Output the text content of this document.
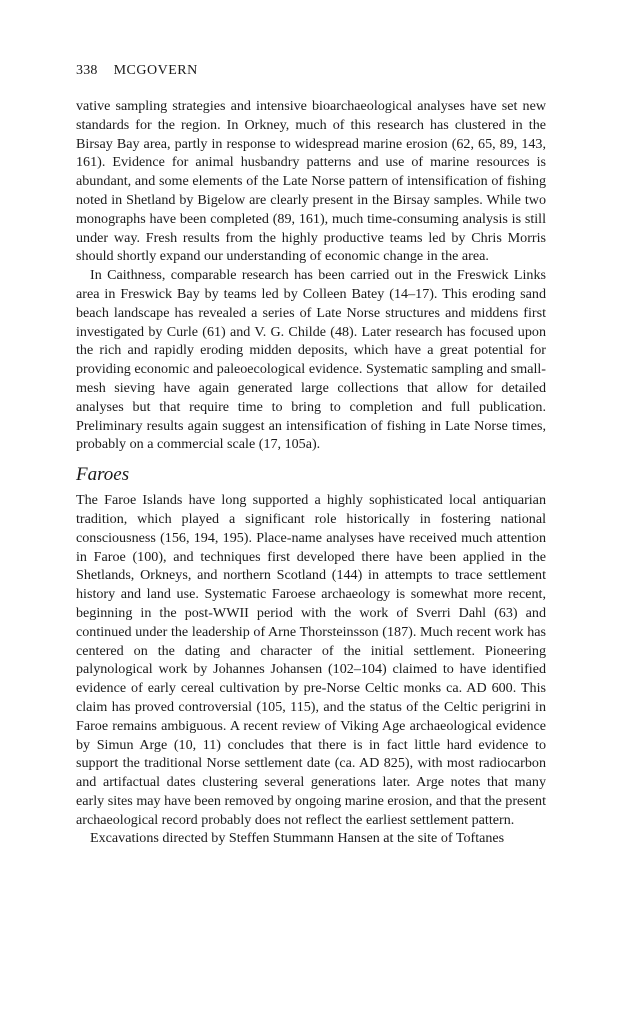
338 MCGOVERN

vative sampling strategies and intensive bioarchaeological analyses have set new standards for the region. In Orkney, much of this research has clustered in the Birsay Bay area, partly in response to widespread marine erosion (62, 65, 89, 143, 161). Evidence for animal husbandry patterns and use of marine resources is abundant, and some elements of the Late Norse pattern of intensification of fishing noted in Shetland by Bigelow are clearly present in the Birsay samples. While two monographs have been completed (89, 161), much time-consuming analysis is still under way. Fresh results from the highly productive teams led by Chris Morris should shortly expand our understanding of economic change in the area.

In Caithness, comparable research has been carried out in the Freswick Links area in Freswick Bay by teams led by Colleen Batey (14–17). This eroding sand beach landscape has revealed a series of Late Norse structures and middens first investigated by Curle (61) and V. G. Childe (48). Later research has focused upon the rich and rapidly eroding midden deposits, which have a great potential for providing economic and paleoecological evidence. Systematic sampling and small-mesh sieving have again generated large collections that allow for detailed analyses but that require time to bring to completion and full publication. Preliminary results again suggest an intensification of fishing in Late Norse times, probably on a commercial scale (17, 105a).

Faroes

The Faroe Islands have long supported a highly sophisticated local antiquarian tradition, which played a significant role historically in fostering national consciousness (156, 194, 195). Place-name analyses have received much attention in Faroe (100), and techniques first developed there have been applied in the Shetlands, Orkneys, and northern Scotland (144) in attempts to trace settlement history and land use. Systematic Faroese archaeology is somewhat more recent, beginning in the post-WWII period with the work of Sverri Dahl (63) and continued under the leadership of Arne Thorsteinsson (187). Much recent work has centered on the dating and character of the initial settlement. Pioneering palynological work by Johannes Johansen (102–104) claimed to have identified evidence of early cereal cultivation by pre-Norse Celtic monks ca. AD 600. This claim has proved controversial (105, 115), and the status of the Celtic perigrini in Faroe remains ambiguous. A recent review of Viking Age archaeological evidence by Simun Arge (10, 11) concludes that there is in fact little hard evidence to support the traditional Norse settlement date (ca. AD 825), with most radiocarbon and artifactual dates clustering several generations later. Arge notes that many early sites may have been removed by ongoing marine erosion, and that the present archaeological record probably does not reflect the earliest settlement pattern.

Excavations directed by Steffen Stummann Hansen at the site of Toftanes
